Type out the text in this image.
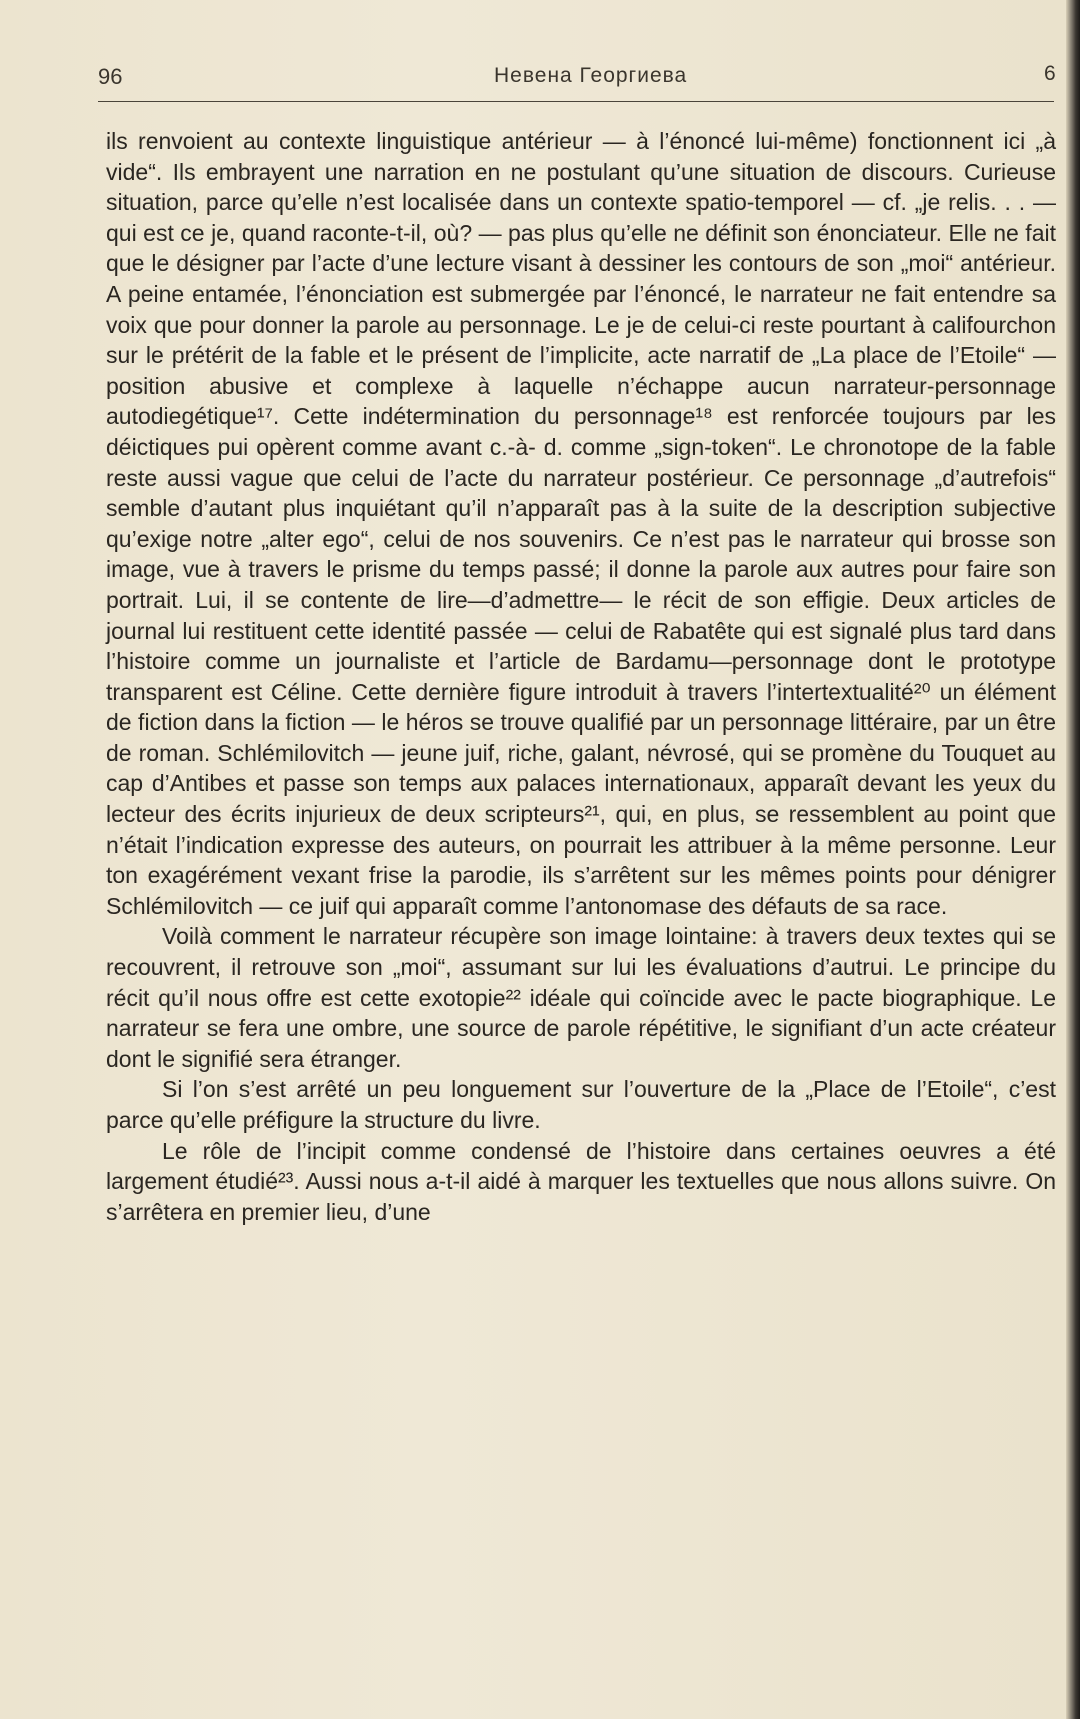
96	Невена Георгиева	6

ils renvoient au contexte linguistique antérieur — à l’énoncé lui-même) fonctionnent ici „à vide“. Ils embrayent une narration en ne postulant qu’une situation de discours. Curieuse situation, parce qu’elle n’est localisée dans un contexte spatio-temporel — cf. „je relis. . . — qui est ce je, quand raconte-t-il, où? — pas plus qu’elle ne définit son énonciateur. Elle ne fait que le désigner par l’acte d’une lecture visant à dessiner les contours de son „moi“ antérieur. A peine entamée, l’énonciation est submergée par l’énoncé, le narrateur ne fait entendre sa voix que pour donner la parole au personnage. Le je de celui-ci reste pourtant à califourchon sur le prétérit de la fable et le présent de l’implicite, acte narratif de „La place de l’Etoile“ — position abusive et complexe à laquelle n’échappe aucun narrateur-personnage autodiegétique¹⁷. Cette indétermination du personnage¹⁸ est renforcée toujours par les déictiques pui opèrent comme avant c.-à- d. comme „sign-token“. Le chronotope de la fable reste aussi vague que celui de l’acte du narrateur postérieur. Ce personnage „d’autrefois“ semble d’autant plus inquiétant qu’il n’apparaît pas à la suite de la description subjective qu’exige notre „alter ego“, celui de nos souvenirs. Ce n’est pas le narrateur qui brosse son image, vue à travers le prisme du temps passé; il donne la parole aux autres pour faire son portrait. Lui, il se contente de lire—d’admettre— le récit de son effigie. Deux articles de journal lui restituent cette identité passée — celui de Rabatête qui est signalé plus tard dans l’histoire comme un journaliste et l’article de Bardamu—personnage dont le prototype transparent est Céline. Cette dernière figure introduit à travers l’intertextualité²⁰ un élément de fiction dans la fiction — le héros se trouve qualifié par un personnage littéraire, par un être de roman. Schlémilovitch — jeune juif, riche, galant, névrosé, qui se promène du Touquet au cap d’Antibes et passe son temps aux palaces internationaux, apparaît devant les yeux du lecteur des écrits injurieux de deux scripteurs²¹, qui, en plus, se ressemblent au point que n’était l’indication expresse des auteurs, on pourrait les attribuer à la même personne. Leur ton exagérément vexant frise la parodie, ils s’arrêtent sur les mêmes points pour dénigrer Schlémilovitch — ce juif qui apparaît comme l’antonomase des défauts de sa race.

Voilà comment le narrateur récupère son image lointaine: à travers deux textes qui se recouvrent, il retrouve son „moi“, assumant sur lui les évaluations d’autrui. Le principe du récit qu’il nous offre est cette exotopie²² idéale qui coïncide avec le pacte biographique. Le narrateur se fera une ombre, une source de parole répétitive, le signifiant d’un acte créateur dont le signifié sera étranger.

Si l’on s’est arrêté un peu longuement sur l’ouverture de la „Place de l’Etoile“, c’est parce qu’elle préfigure la structure du livre.

Le rôle de l’incipit comme condensé de l’histoire dans certaines oeuvres a été largement étudié²³. Aussi nous a-t-il aidé à marquer les textuelles que nous allons suivre. On s’arrêtera en premier lieu, d’une
